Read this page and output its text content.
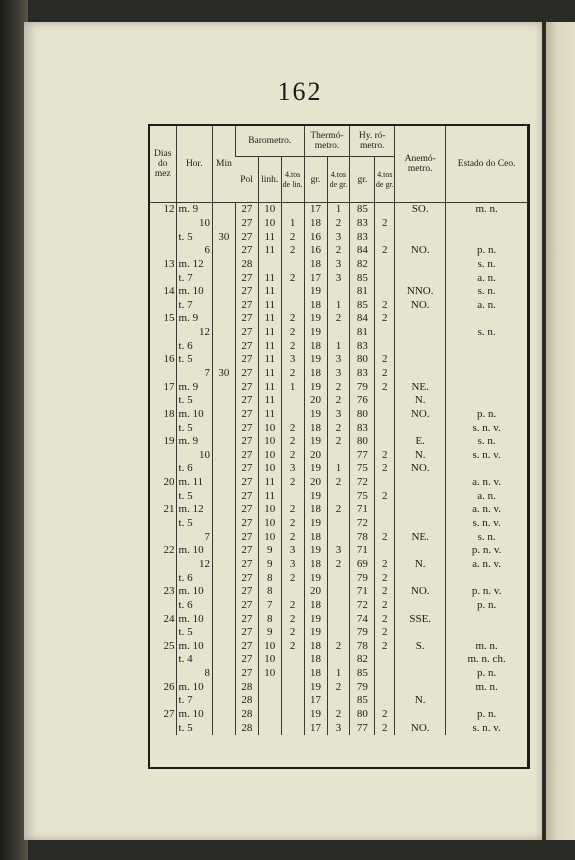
162
Dias do mez	Hor.	Min	Barometro.			Thermó- metro.		Hy. ró- metro.		Anemó- metro.	Estado do Ceo.
			Pol	linh.	4.tos de lin.	gr.	4.tos de gr.	gr.	4.tos de gr.		
12	m. 9		27	10		17	1	85		SO.	m. n.
	10		27	10	1	18	2	83	2		
	t. 5	30	27	11	2	16	3	83			
	6		27	11	2	16	2	84	2	NO.	p. n.
13	m. 12		28			18	3	82			s. n.
	t. 7		27	11	2	17	3	85			a. n.
14	m. 10		27	11		19		81		NNO.	s. n.
	t. 7		27	11		18	1	85	2	NO.	a. n.
15	m. 9		27	11	2	19	2	84	2		
	12		27	11	2	19		81			s. n.
	t. 6		27	11	2	18	1	83			
16	t. 5		27	11	3	19	3	80	2		
	7	30	27	11	2	18	3	83	2		
17	m. 9		27	11	1	19	2	79	2	NE.	
	t. 5		27	11		20	2	76		N.	
18	m. 10		27	11		19	3	80		NO.	p. n.
	t. 5		27	10	2	18	2	83			s. n. v.
19	m. 9		27	10	2	19	2	80		E.	s. n.
	10		27	10	2	20		77	2	N.	s. n. v.
	t. 6		27	10	3	19	1	75	2	NO.	
20	m. 11		27	11	2	20	2	72			a. n. v.
	t. 5		27	11		19		75	2		a. n.
21	m. 12		27	10	2	18	2	71			a. n. v.
	t. 5		27	10	2	19		72			s. n. v.
	7		27	10	2	18		78	2	NE.	s. n.
22	m. 10		27	9	3	19	3	71			p. n. v.
	12		27	9	3	18	2	69	2	N.	a. n. v.
	t. 6		27	8	2	19		79	2		
23	m. 10		27	8		20		71	2	NO.	p. n. v.
	t. 6		27	7	2	18		72	2		p. n.
24	m. 10		27	8	2	19		74	2	SSE.	
	t. 5		27	9	2	19		79	2		
25	m. 10		27	10	2	18	2	78	2	S.	m. n.
	t. 4		27	10		18		82			m. n. ch.
	8		27	10		18	1	85			p. n.
26	m. 10		28			19	2	79			m. n.
	t. 7		28			17		85		N.	
27	m. 10		28			19	2	80	2		p. n.
	t. 5		28			17	3	77	2	NO.	s. n. v.
